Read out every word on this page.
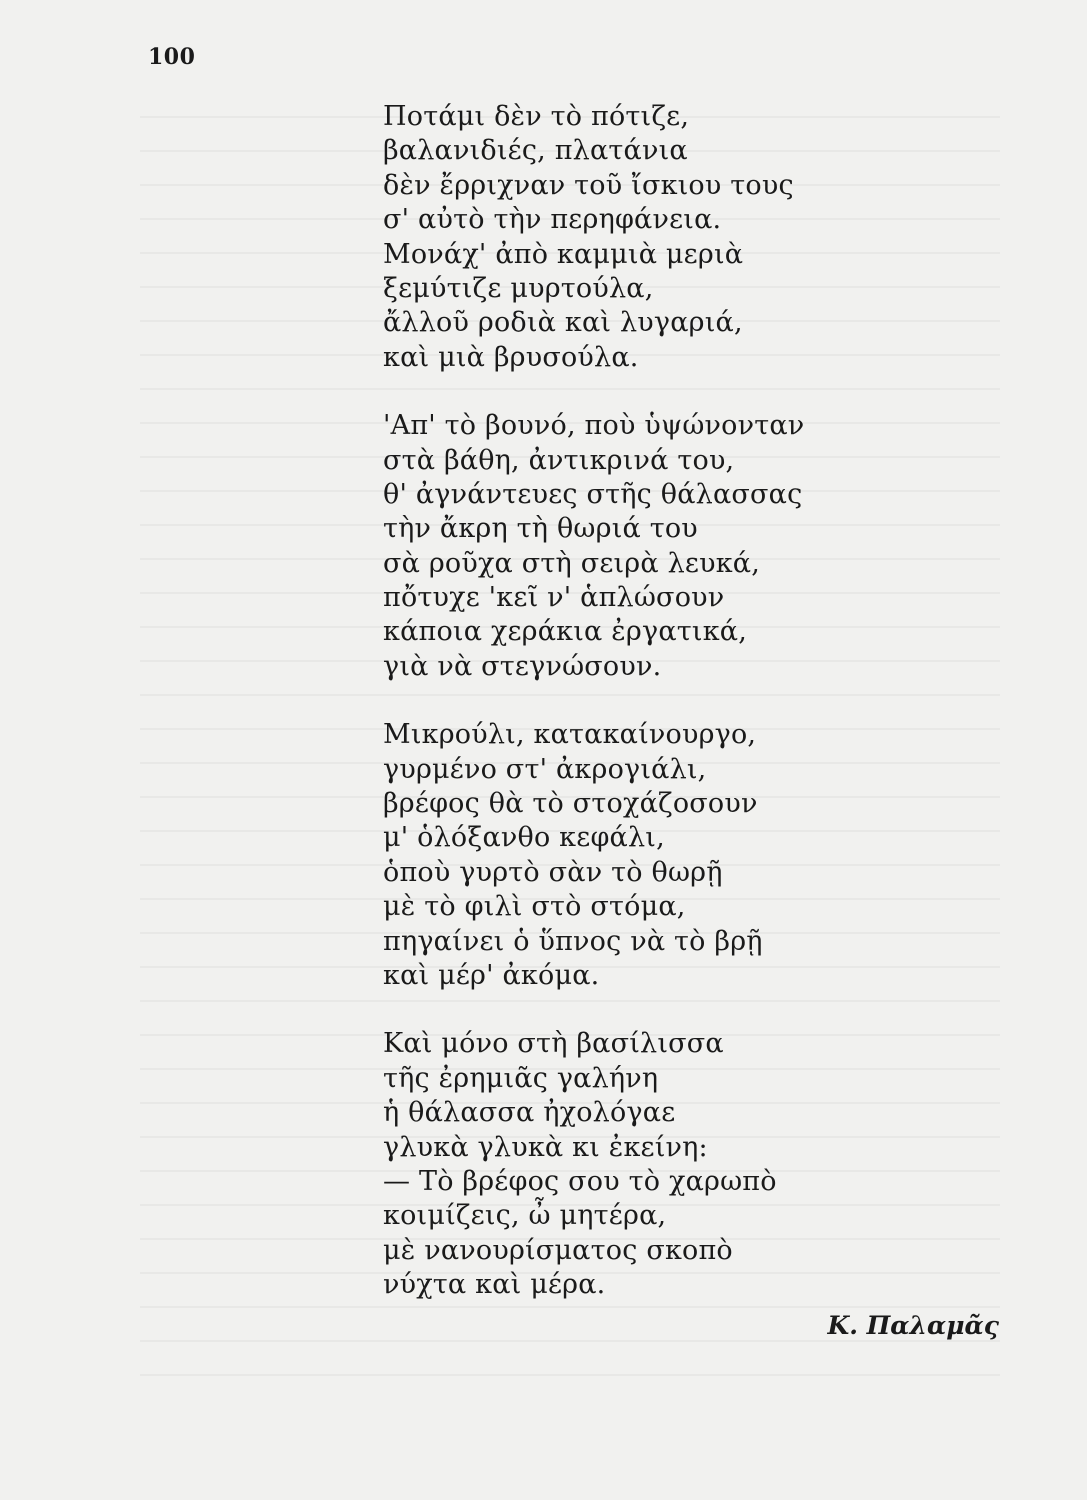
100
Ποτάμι δὲν τὸ πότιζε,
βαλανιδιές, πλατάνια
δὲν ἔρριχναν τοῦ ἴσκιου τους
σ' αὐτὸ τὴν περηφάνεια.
Μονάχ' ἀπὸ καμμιὰ μεριὰ
ξεμύτιζε μυρτούλα,
ἄλλοῦ ροδιὰ καὶ λυγαριά,
καὶ μιὰ βρυσούλα.
'Απ' τὸ βουνό, ποὺ ὑψώνονταν
στὰ βάθη, ἀντικρινά του,
θ' ἀγνάντευες στῆς θάλασσας
τὴν ἄκρη τὴ θωριά του
σὰ ροῦχα στὴ σειρὰ λευκά,
πὄτυχε 'κεῖ ν' ἁπλώσουν
κάποια χεράκια ἐργατικά,
γιὰ νὰ στεγνώσουν.
Μικρούλι, κατακαίνουργο,
γυρμένο στ' ἀκρογιάλι,
βρέφος θὰ τὸ στοχάζοσουν
μ' ὁλόξανθο κεφάλι,
ὁποὺ γυρτὸ σὰν τὸ θωρῇ
μὲ τὸ φιλὶ στὸ στόμα,
πηγαίνει ὁ ὕπνος νὰ τὸ βρῇ
καὶ μέρ' ἀκόμα.
Καὶ μόνο στὴ βασίλισσα
τῆς ἐρημιᾶς γαλήνη
ἡ θάλασσα ἠχολόγαε
γλυκὰ γλυκὰ κι ἐκείνη:
— Τὸ βρέφος σου τὸ χαρωπὸ
κοιμίζεις, ὦ μητέρα,
μὲ νανουρίσματος σκοπὸ
νύχτα καὶ μέρα.
Κ. Παλαμᾶς
